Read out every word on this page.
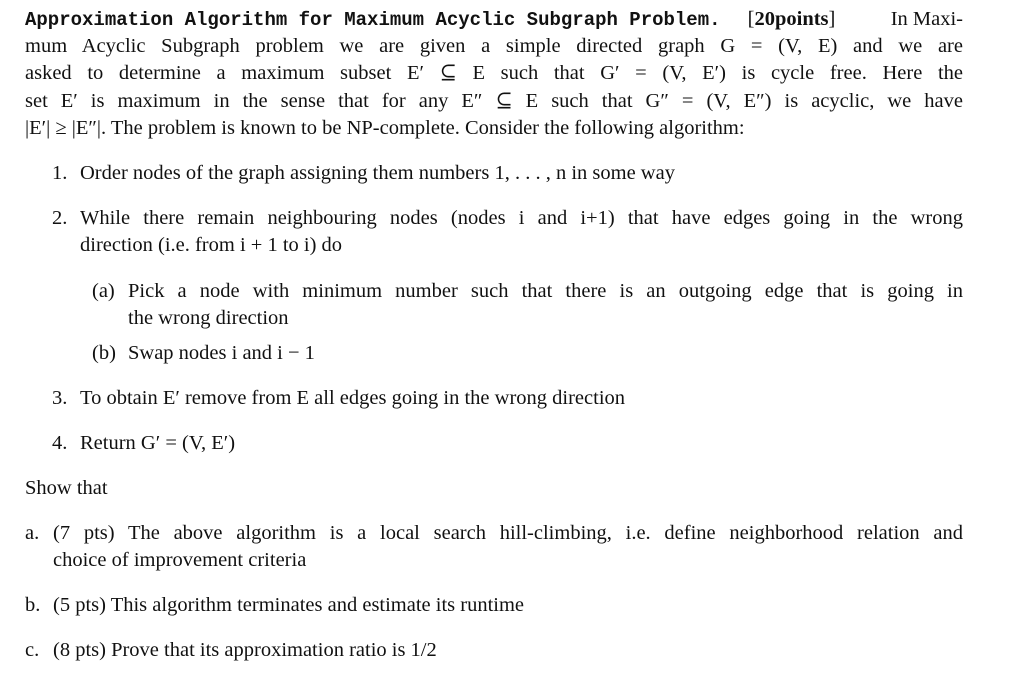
Approximation Algorithm for Maximum Acyclic Subgraph Problem. [20points]	In Maxi-
mum Acyclic Subgraph problem we are given a simple directed graph G = (V, E) and we are
asked to determine a maximum subset E′ ⊆ E such that G′ = (V, E′) is cycle free. Here the
set E′ is maximum in the sense that for any E″ ⊆ E such that G″ = (V, E″) is acyclic, we have
|E′| ≥ |E″|. The problem is known to be NP-complete. Consider the following algorithm:
1. Order nodes of the graph assigning them numbers 1, . . . , n in some way
2. While there remain neighbouring nodes (nodes i and i+1) that have edges going in the wrong
direction (i.e. from i + 1 to i) do
(a) Pick a node with minimum number such that there is an outgoing edge that is going in
the wrong direction
(b) Swap nodes i and i − 1
3. To obtain E′ remove from E all edges going in the wrong direction
4. Return G′ = (V, E′)
Show that
a. (7 pts) The above algorithm is a local search hill-climbing, i.e. define neighborhood relation and
choice of improvement criteria
b. (5 pts) This algorithm terminates and estimate its runtime
c. (8 pts) Prove that its approximation ratio is 1/2
